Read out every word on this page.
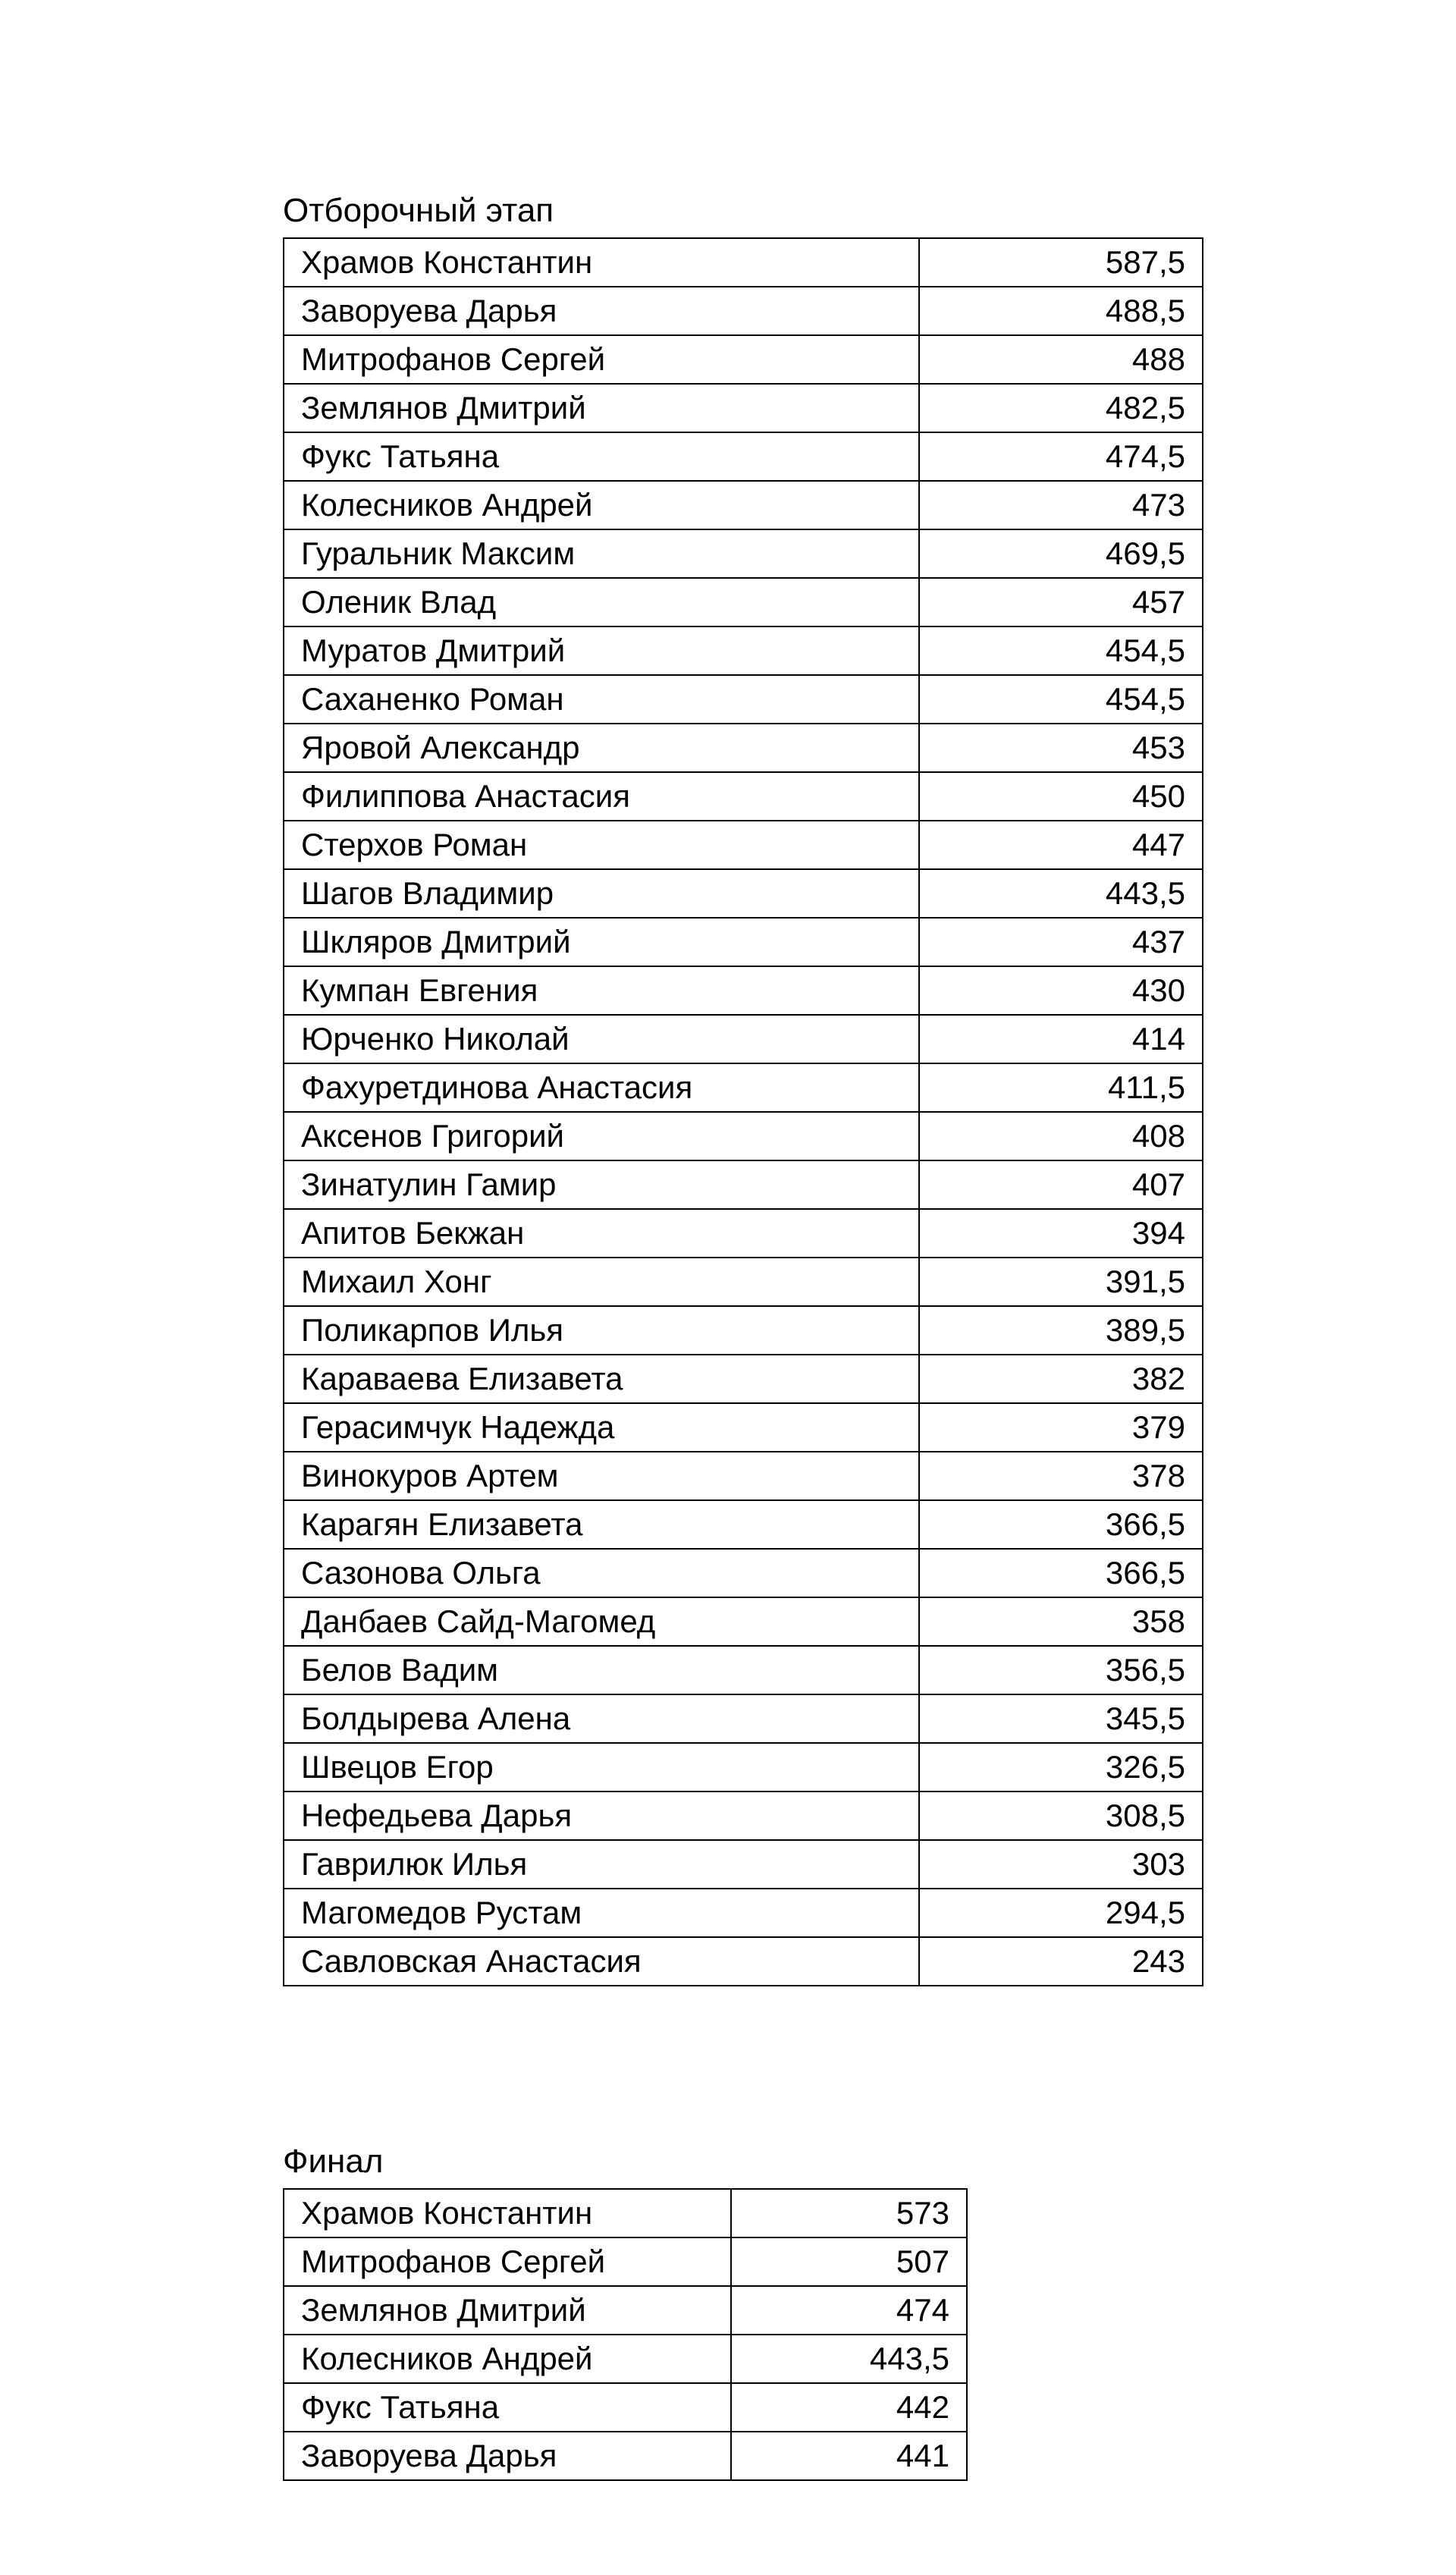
Отборочный этап
Храмов Константин	587,5
Заворуева Дарья	488,5
Митрофанов Сергей	488
Землянов Дмитрий	482,5
Фукс Татьяна	474,5
Колесников Андрей	473
Гуральник Максим	469,5
Оленик Влад	457
Муратов Дмитрий	454,5
Саханенко Роман	454,5
Яровой Александр	453
Филиппова Анастасия	450
Стерхов Роман	447
Шагов Владимир	443,5
Шкляров Дмитрий	437
Кумпан Евгения	430
Юрченко Николай	414
Фахуретдинова Анастасия	411,5
Аксенов Григорий	408
Зинатулин Гамир	407
Апитов Бекжан	394
Михаил Хонг	391,5
Поликарпов Илья	389,5
Караваева Елизавета	382
Герасимчук Надежда	379
Винокуров Артем	378
Карагян Елизавета	366,5
Сазонова Ольга	366,5
Данбаев Сайд-Магомед	358
Белов Вадим	356,5
Болдырева Алена	345,5
Швецов Егор	326,5
Нефедьева Дарья	308,5
Гаврилюк Илья	303
Магомедов Рустам	294,5
Савловская Анастасия	243
Финал
Храмов Константин	573
Митрофанов Сергей	507
Землянов Дмитрий	474
Колесников Андрей	443,5
Фукс Татьяна	442
Заворуева Дарья	441
